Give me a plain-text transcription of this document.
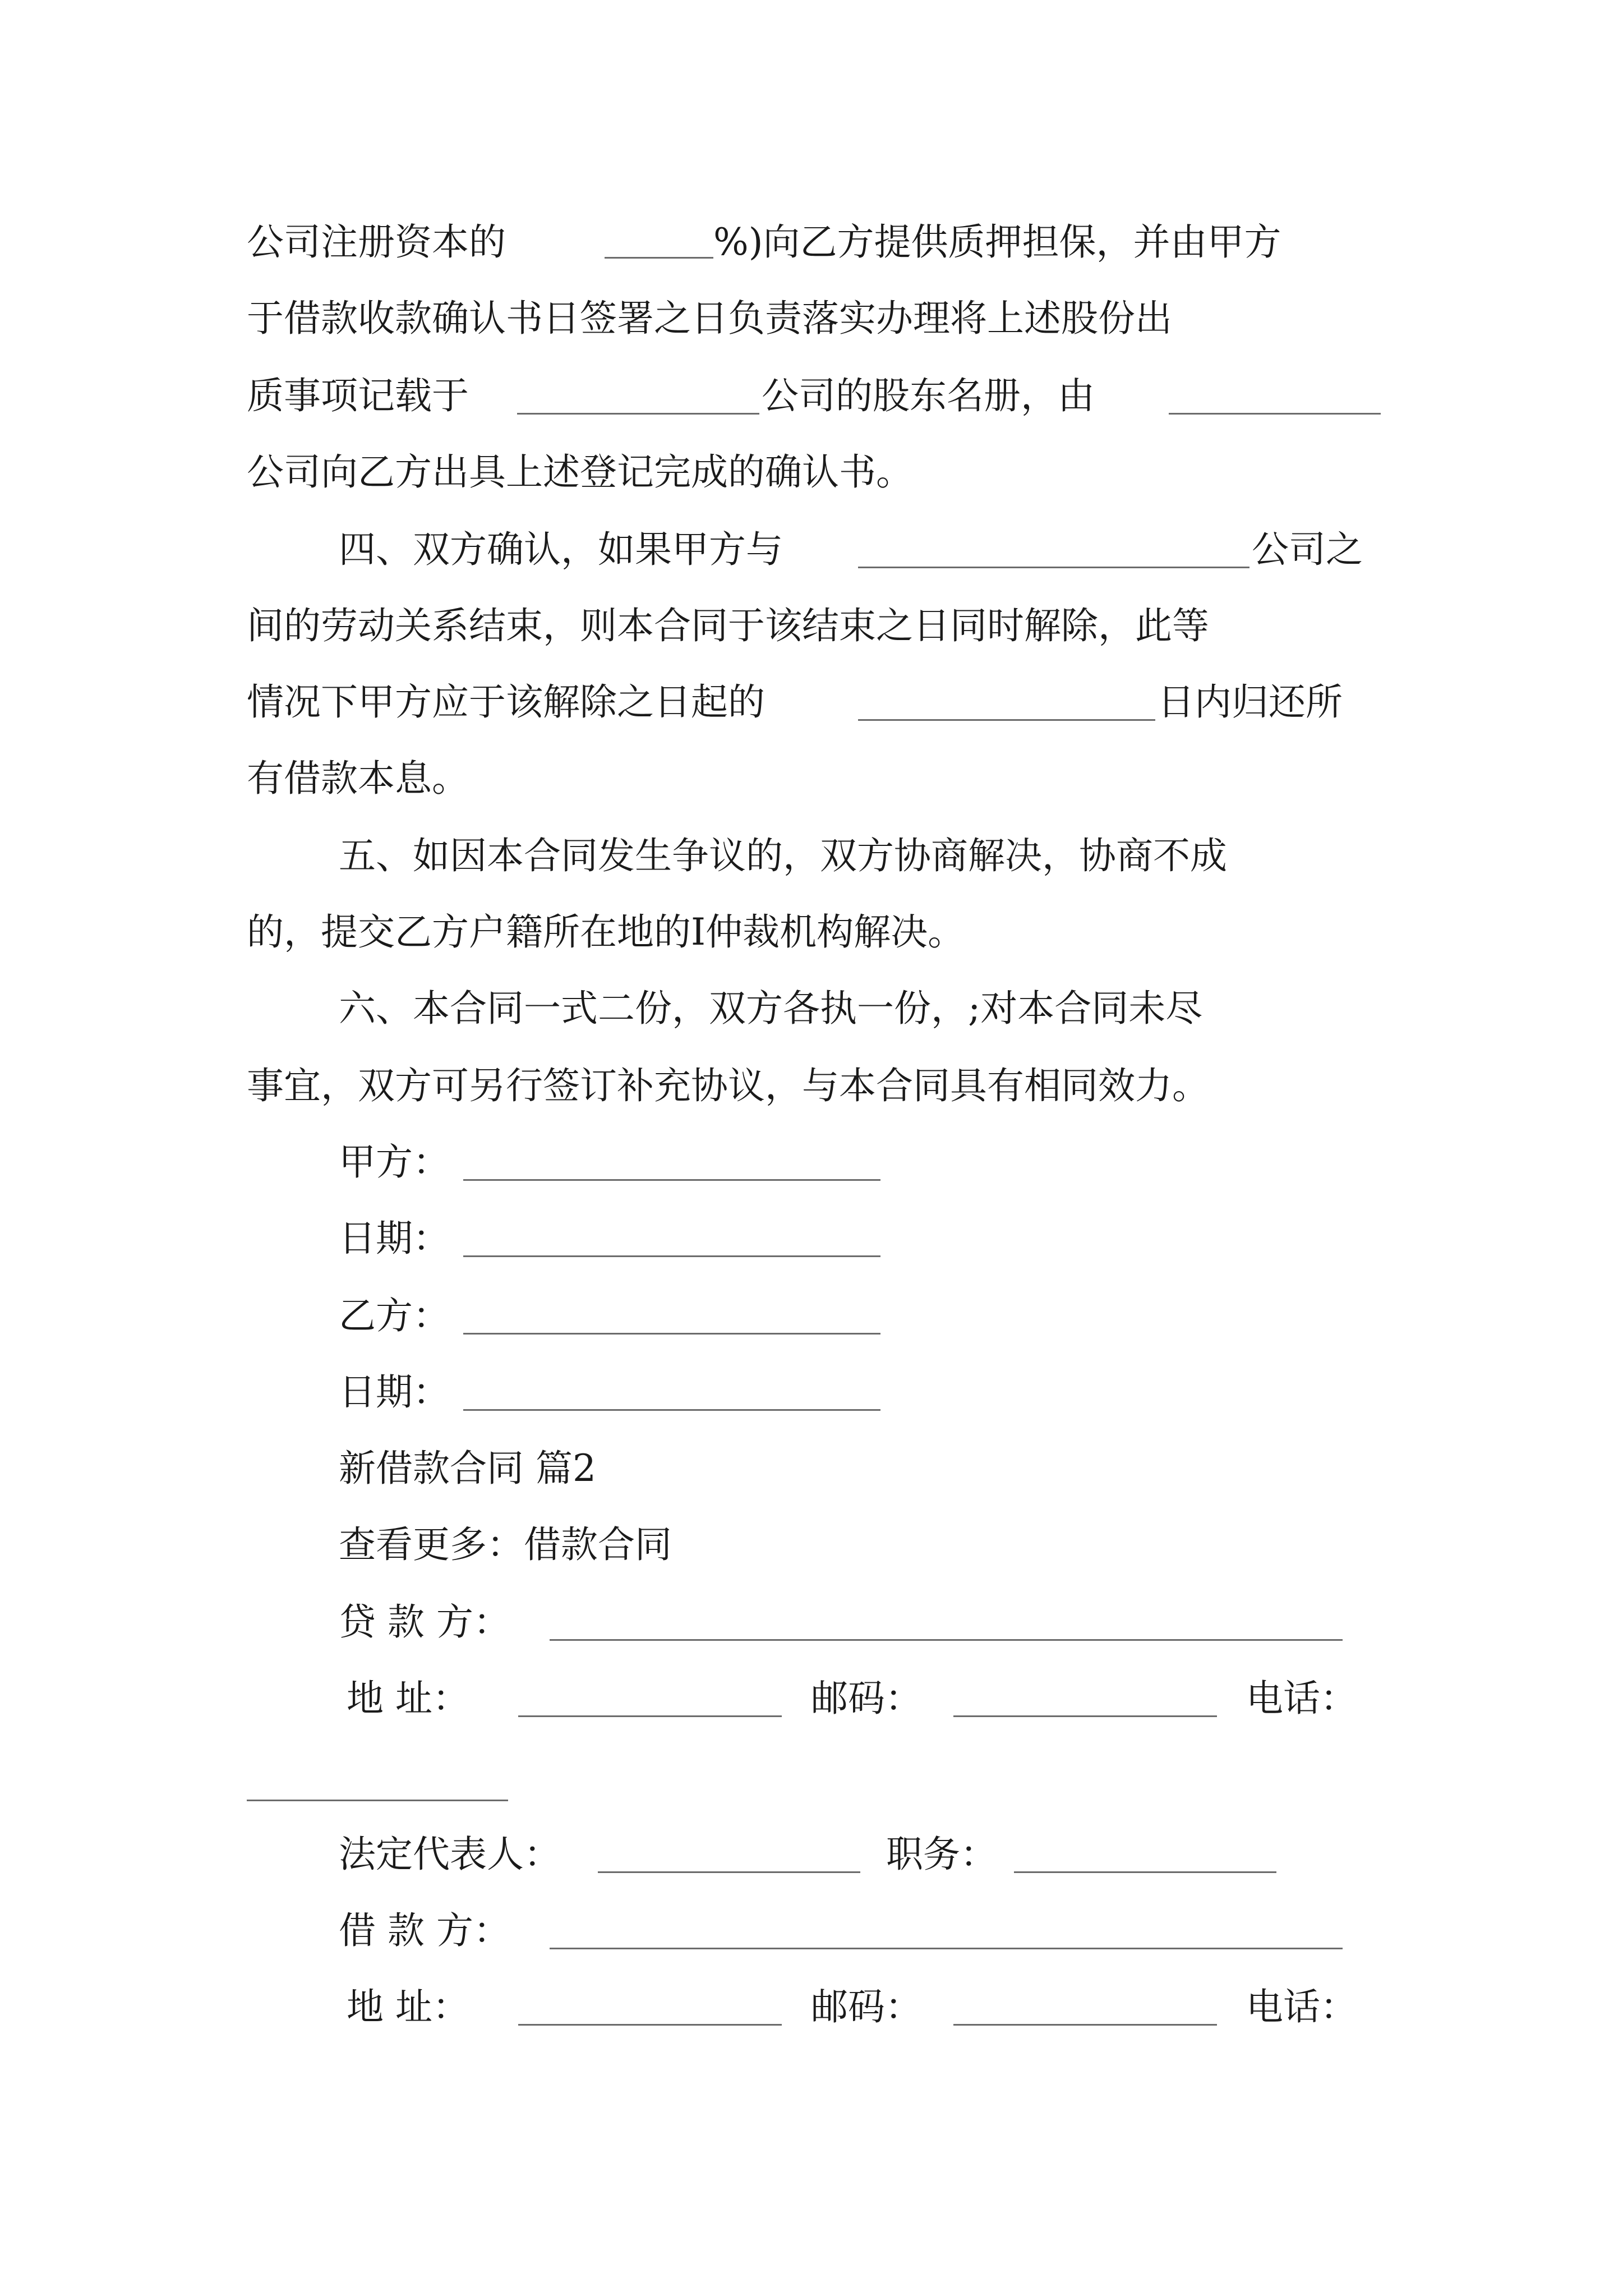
公司注册资本的	%)向乙方提供质押担保，并由甲方
于借款收款确认书日签署之日负责落实办理将上述股份出
质事项记载于	公司的股东名册，由
公司向乙方出具上述登记完成的确认书。
四、双方确认，如果甲方与	公司之
间的劳动关系结束，则本合同于该结束之日同时解除，此等
情况下甲方应于该解除之日起的	日内归还所
有借款本息。
五、如因本合同发生争议的，双方协商解决，协商不成
的，提交乙方户籍所在地的I仲裁机构解决。
六、本合同一式二份，双方各执一份，;对本合同未尽
事宜，双方可另行签订补充协议，与本合同具有相同效力。
甲方：
日期：
乙方：
日期：
新借款合同 篇2
查看更多：借款合同
贷 款 方：
地 址：	邮码：	电话：
法定代表人：	职务：
借 款 方：
地 址：	邮码：	电话：
